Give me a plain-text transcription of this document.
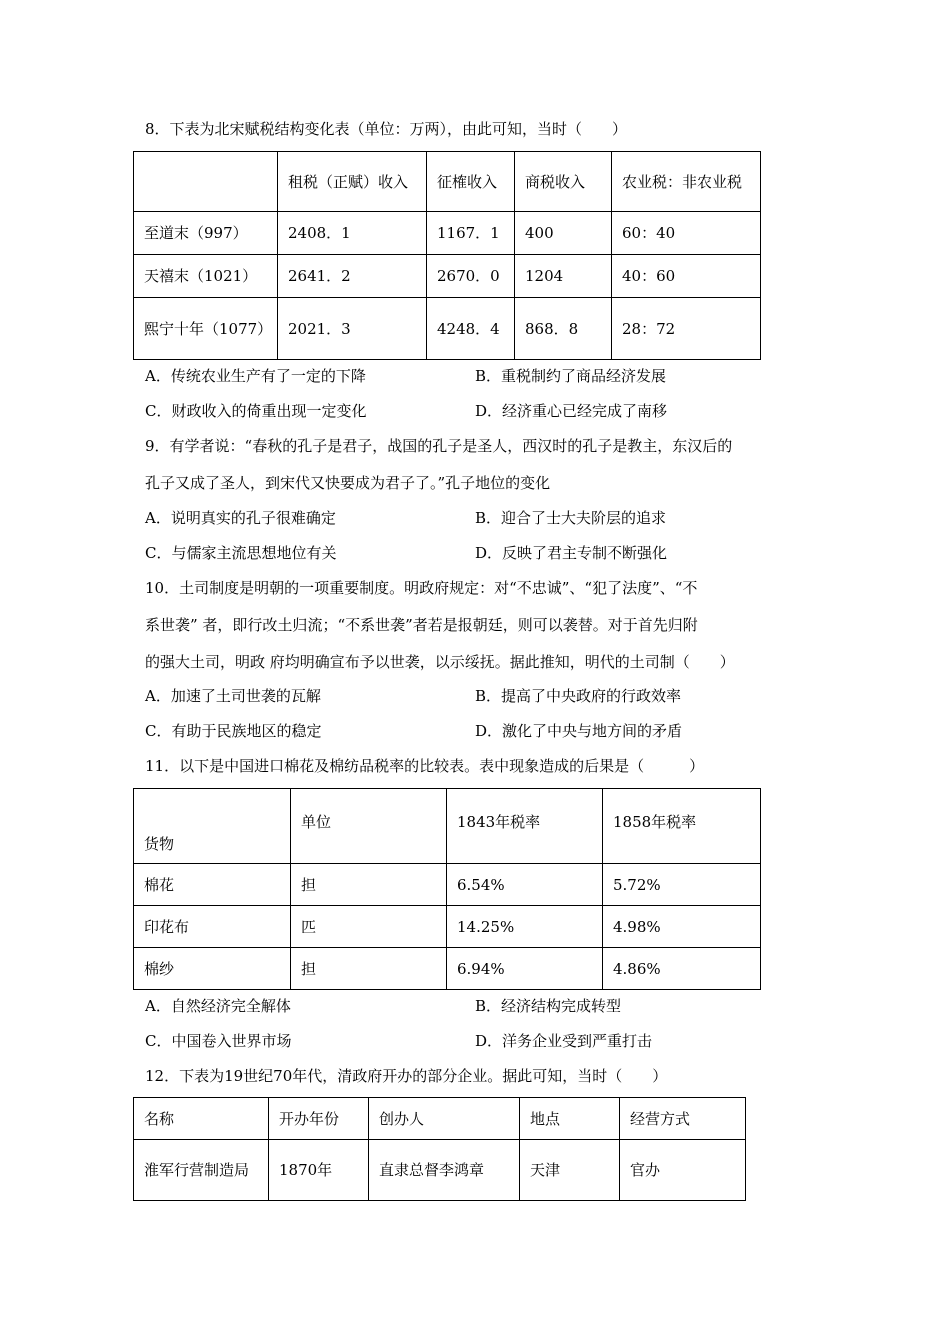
8．下表为北宋赋税结构变化表（单位：万两），由此可知，当时（　　）
	租税（正赋）收入	征榷收入	商税收入	农业税：非农业税
至道末（997）	2408．1	1167．1	400	60：40
天禧末（1021）	2641．2	2670．0	1204	40：60
熙宁十年（1077）	2021．3	4248．4	868．8	28：72
A．传统农业生产有了一定的下降	B．重税制约了商品经济发展
C．财政收入的倚重出现一定变化	D．经济重心已经完成了南移
9．有学者说：“春秋的孔子是君子，战国的孔子是圣人，西汉时的孔子是教主，东汉后的
孔子又成了圣人，到宋代又快要成为君子了。”孔子地位的变化
A．说明真实的孔子很难确定	B．迎合了士大夫阶层的追求
C．与儒家主流思想地位有关	D．反映了君主专制不断强化
10．土司制度是明朝的一项重要制度。明政府规定：对“不忠诚”、“犯了法度”、“不
系世袭” 者，即行改土归流；“不系世袭”者若是报朝廷，则可以袭替。对于首先归附
的强大土司，明政 府均明确宣布予以世袭，以示绥抚。据此推知，明代的土司制（　　）
A．加速了土司世袭的瓦解	B．提高了中央政府的行政效率
C．有助于民族地区的稳定	D．激化了中央与地方间的矛盾
11．以下是中国进口棉花及棉纺品税率的比较表。表中现象造成的后果是（　　　）
货物	单位	1843年税率	1858年税率
棉花	担	6.54%	5.72%
印花布	匹	14.25%	4.98%
棉纱	担	6.94%	4.86%
A．自然经济完全解体	B．经济结构完成转型
C．中国卷入世界市场	D．洋务企业受到严重打击
12．下表为19世纪70年代，清政府开办的部分企业。据此可知，当时（　　）
名称	开办年份	创办人	地点	经营方式
淮军行营制造局	1870年	直隶总督李鸿章	天津	官办
